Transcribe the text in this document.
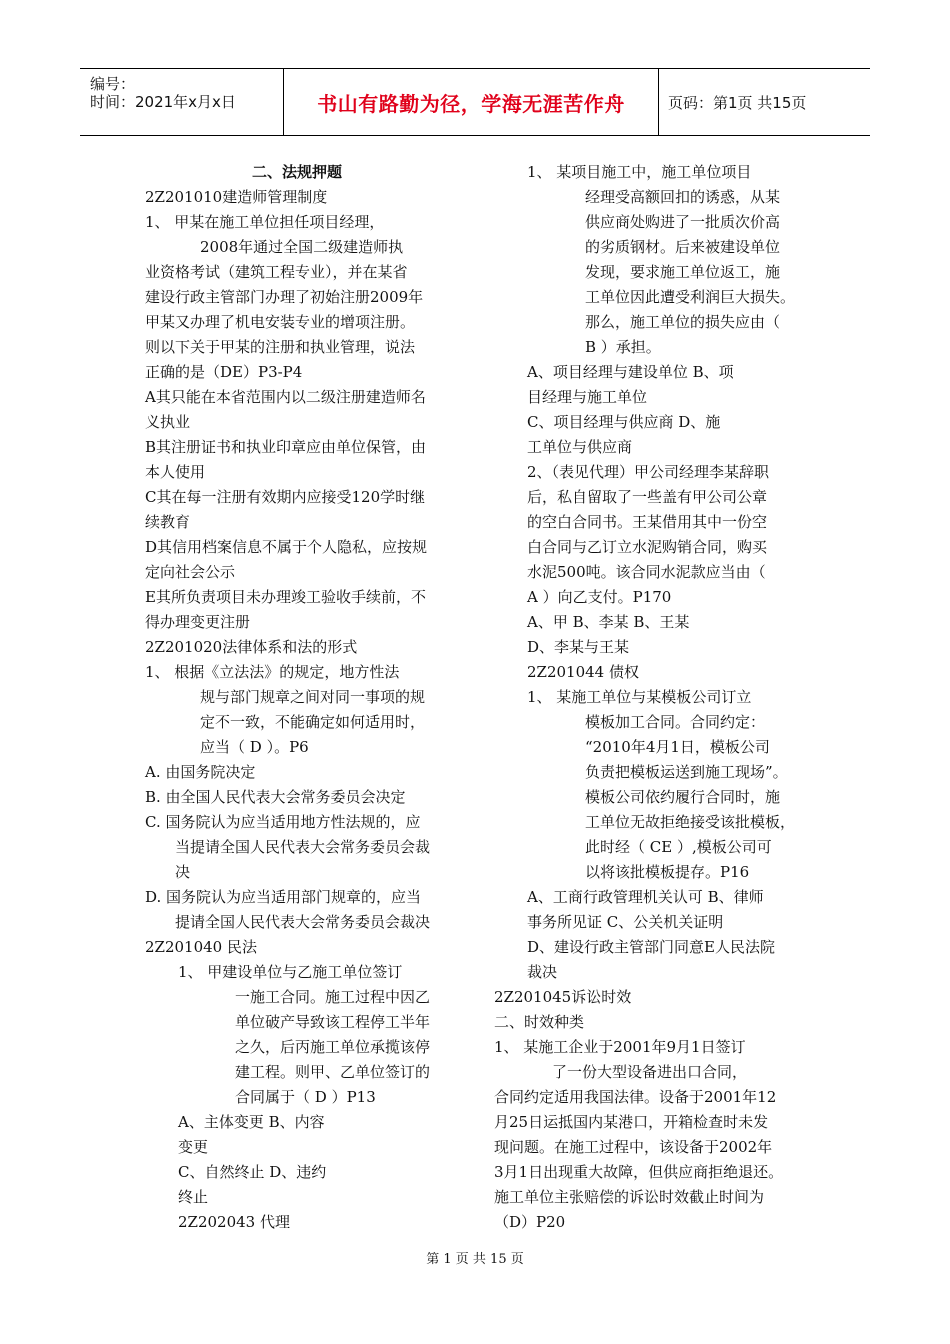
编号：
时间：2021年x月x日	书山有路勤为径，学海无涯苦作舟	页码：第1页 共15页
二、法规押题
2Z201010建造师管理制度
1、 甲某在施工单位担任项目经理，
2008年通过全国二级建造师执
业资格考试（建筑工程专业），并在某省
建设行政主管部门办理了初始注册2009年
甲某又办理了机电安装专业的增项注册。
则以下关于甲某的注册和执业管理，说法
正确的是（DE）P3-P4
A其只能在本省范围内以二级注册建造师名
义执业
B其注册证书和执业印章应由单位保管，由
本人使用
C其在每一注册有效期内应接受120学时继
续教育
D其信用档案信息不属于个人隐私，应按规
定向社会公示
E其所负责项目未办理竣工验收手续前，不
得办理变更注册
2Z201020法律体系和法的形式
1、 根据《立法法》的规定，地方性法
规与部门规章之间对同一事项的规
定不一致，不能确定如何适用时，
应当（ D ）。P6
A. 由国务院决定
B. 由全国人民代表大会常务委员会决定
C. 国务院认为应当适用地方性法规的，应
当提请全国人民代表大会常务委员会裁
决
D. 国务院认为应当适用部门规章的，应当
提请全国人民代表大会常务委员会裁决
2Z201040 民法
1、 甲建设单位与乙施工单位签订
一施工合同。施工过程中因乙
单位破产导致该工程停工半年
之久，后丙施工单位承揽该停
建工程。则甲、乙单位签订的
合同属于（ D ）P13
A、主体变更 B、内容
变更
C、自然终止 D、违约
终止
2Z202043 代理
1、 某项目施工中，施工单位项目
经理受高额回扣的诱惑，从某
供应商处购进了一批质次价高
的劣质钢材。后来被建设单位
发现，要求施工单位返工，施
工单位因此遭受利润巨大损失。
那么，施工单位的损失应由（
B ）承担。
A、项目经理与建设单位 B、项
目经理与施工单位
C、项目经理与供应商 D、施
工单位与供应商
2、（表见代理）甲公司经理李某辞职
后，私自留取了一些盖有甲公司公章
的空白合同书。王某借用其中一份空
白合同与乙订立水泥购销合同，购买
水泥500吨。该合同水泥款应当由（
A ）向乙支付。P170
A、甲 B、李某 B、王某
D、李某与王某
2Z201044 债权
1、 某施工单位与某模板公司订立
模板加工合同。合同约定：
“2010年4月1日，模板公司
负责把模板运送到施工现场”。
模板公司依约履行合同时，施
工单位无故拒绝接受该批模板，
此时经（ CE ）,模板公司可
以将该批模板提存。P16
A、工商行政管理机关认可 B、律师
事务所见证 C、公关机关证明
D、建设行政主管部门同意E人民法院
裁决
2Z201045诉讼时效
二、时效种类
1、 某施工企业于2001年9月1日签订
了一份大型设备进出口合同，
合同约定适用我国法律。设备于2001年12
月25日运抵国内某港口，开箱检查时未发
现问题。在施工过程中，该设备于2002年
3月1日出现重大故障，但供应商拒绝退还。
施工单位主张赔偿的诉讼时效截止时间为
（D）P20
第 1 页 共 15 页
